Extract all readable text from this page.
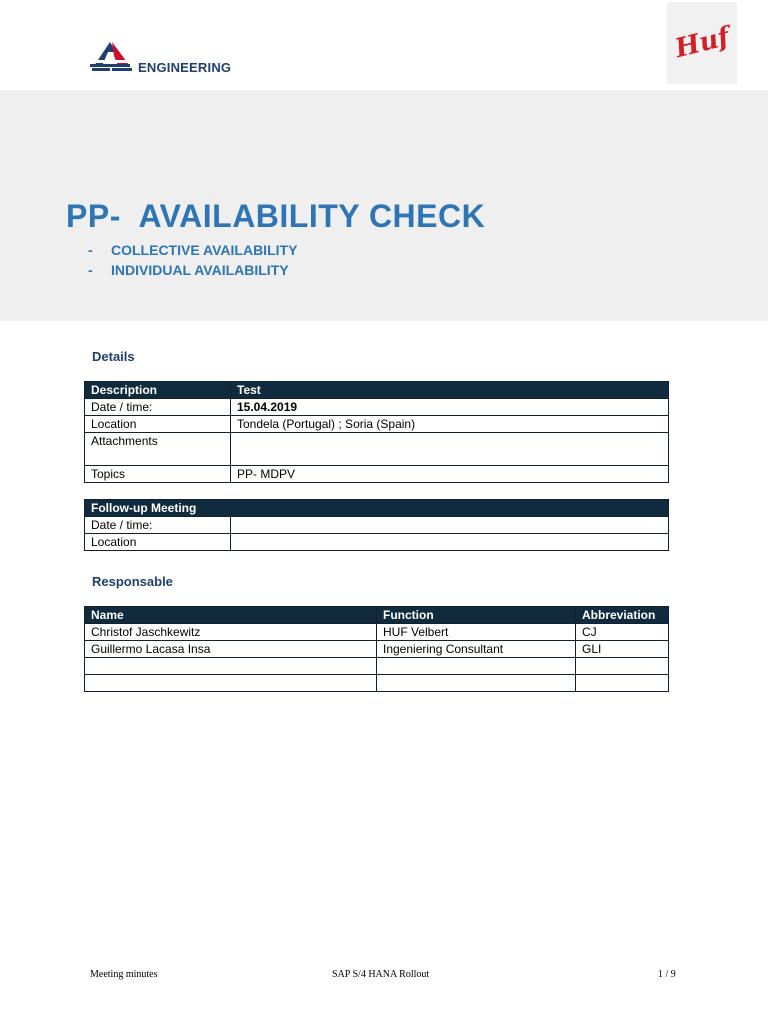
ENGINEERING
Huf
PP-  AVAILABILITY CHECK
- COLLECTIVE AVAILABILITY
- INDIVIDUAL AVAILABILITY
Details
Description	Test
Date / time:	15.04.2019
Location	Tondela (Portugal) ; Soria (Spain)
Attachments	
Topics	PP- MDPV
Follow-up Meeting	
Date / time:	
Location	
Responsable
Name	Function	Abbreviation
Christof Jaschkewitz	HUF Velbert	CJ
Guillermo Lacasa Insa	Ingeniering Consultant	GLI

Meeting minutes	SAP S/4 HANA Rollout	1 / 9
